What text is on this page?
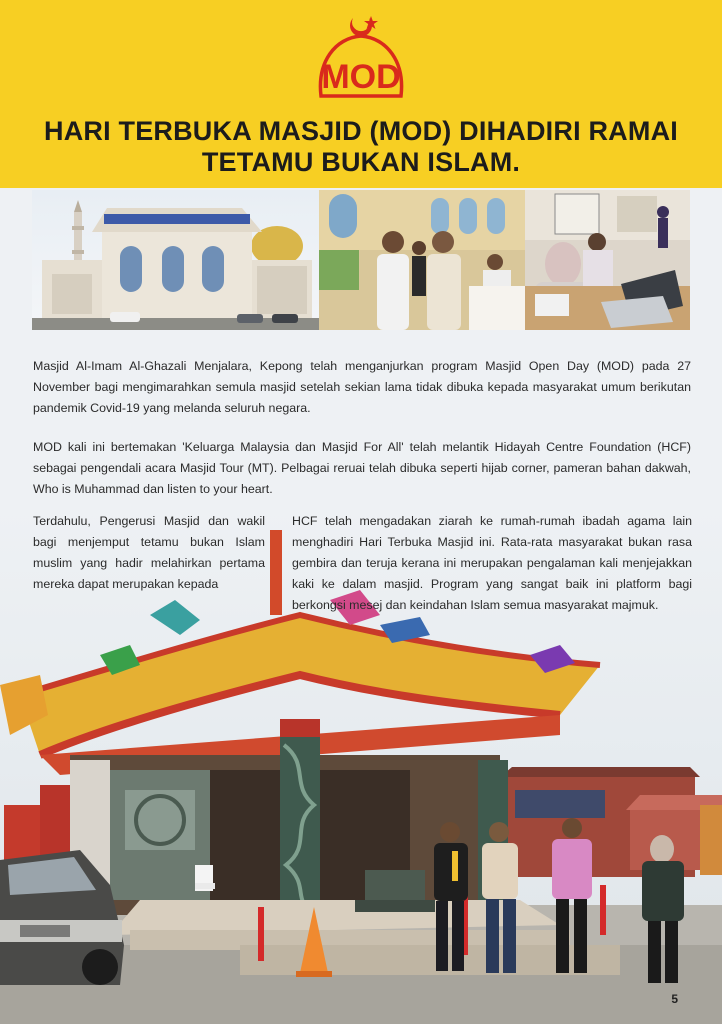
MOD
HARI TERBUKA MASJID (MOD) DIHADIRI RAMAI
TETAMU BUKAN ISLAM.
Masjid Al-Imam Al-Ghazali Menjalara, Kepong telah menganjurkan program Masjid Open Day (MOD) pada 27 November bagi mengimarahkan semula masjid setelah sekian lama tidak dibuka kepada masyarakat umum berikutan pandemik Covid-19 yang melanda seluruh negara.
MOD kali ini bertemakan 'Keluarga Malaysia dan Masjid For All' telah melantik Hidayah Centre Foundation (HCF) sebagai pengendali acara Masjid Tour (MT). Pelbagai reruai telah dibuka seperti hijab corner, pameran bahan dakwah, Who is Muhammad dan listen to your heart.
Terdahulu, Pengerusi Masjid dan wakil bagi menjemput tetamu bukan Islam muslim yang hadir melahirkan pertama mereka dapat merupakan kepada
HCF telah mengadakan ziarah ke rumah-rumah ibadah agama lain menghadiri Hari Terbuka Masjid ini. Rata-rata masyarakat bukan rasa gembira dan teruja kerana ini merupakan pengalaman kali menjejakkan kaki ke dalam masjid. Program yang sangat baik ini platform bagi berkongsi mesej dan keindahan Islam semua masyarakat majmuk.
5
